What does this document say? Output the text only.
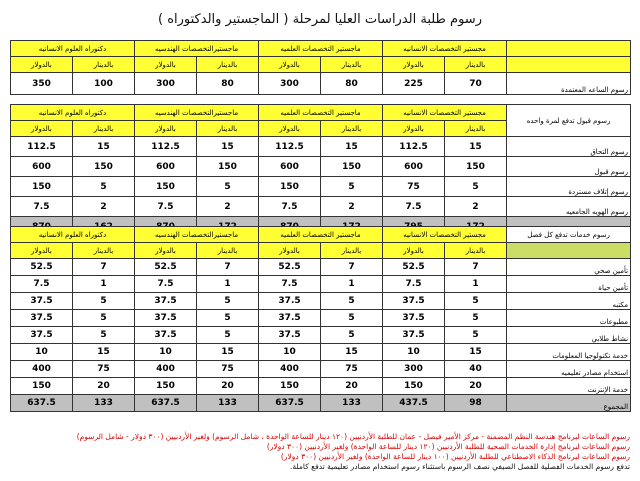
رسوم طلبة الدراسات العليا لمرحلة ( الماجستير والدكتوراه )
دكتوراه العلوم الانسانيه		ماجستيرالتخصصات الهندسيه		ماجستير التخصصات العلميه		مجستير التخصصات الانسانيه		
بالدولار	بالدينار	بالدولار	بالدينار	بالدولار	بالدينار	بالدولار	بالدينار	
350	100	300	80	300	80	225	70	رسوم الساعه المعتمدة
دكتوراه العلوم الانسانيه		ماجستيرالتخصصات الهندسيه		ماجستير التخصصات العلميه		مجستير التخصصات الانسانيه		رسوم قبول تدفع لمرة واحده
بالدولار	بالدينار	بالدولار	بالدينار	بالدولار	بالدينار	بالدولار	بالدينار	
112.5	15	112.5	15	112.5	15	112.5	15	رسوم التحاق
600	150	600	150	600	150	600	150	رسوم قبول
150	5	150	5	150	5	75	5	رسوم إتلاف مستردة
7.5	2	7.5	2	7.5	2	7.5	2	رسوم الهويه الجامعيه

دكتوراه العلوم الانسانيه		ماجستيرالتخصصات الهندسيه		ماجستير التخصصات العلميه		مجستير التخصصات الانسانيه		رسوم خدمات تدفع كل فصل
بالدولار	بالدينار	بالدولار	بالدينار	بالدولار	بالدينار	بالدولار	بالدينار	
52.5	7	52.5	7	52.5	7	52.5	7	تأمين صحي
7.5	1	7.5	1	7.5	1	7.5	1	تأمين حياة
37.5	5	37.5	5	37.5	5	37.5	5	مكتبه
37.5	5	37.5	5	37.5	5	37.5	5	مطبوعات
37.5	5	37.5	5	37.5	5	37.5	5	نشاط طلابي
10	15	10	15	10	15	10	15	خدمة تكنولوجيا المعلومات
400	75	400	75	400	75	300	40	استخدام مصادر تعليميه
150	20	150	20	150	20	150	20	خدمة الإنترنت
637.5	133	637.5	133	637.5	133	437.5	98	المجموع
رسوم الساعات لبرنامج هندسة النظم المضمنة - مركز الأمير فيصل - عمان للطلبة الأردنيين (١٢٠ دينار للساعة الواحدة ، شامل الرسوم) ولغير الأردنيين (٣٠٠ دولار - شامل الرسوم)
رسوم الساعات لبرنامج إدارة الخدمات الصحية للطلبة الأردنيين (١٢٠ دينار للساعة الواحدة) ولغير الأردنيين (٣٠٠ دولار)
رسوم الساعات لبرنامج الذكاء الاصطناعي للطلبة الأردنيين (١٠٠ دينار للساعة الواحدة) ولغير الأردنيين (٣٠٠ دولار)
تدفع رسوم الخدمات الفصلية للفصل الصيفي نصف الرسوم باستثناء رسوم استخدام مصادر تعليمية تدفع كاملة.
